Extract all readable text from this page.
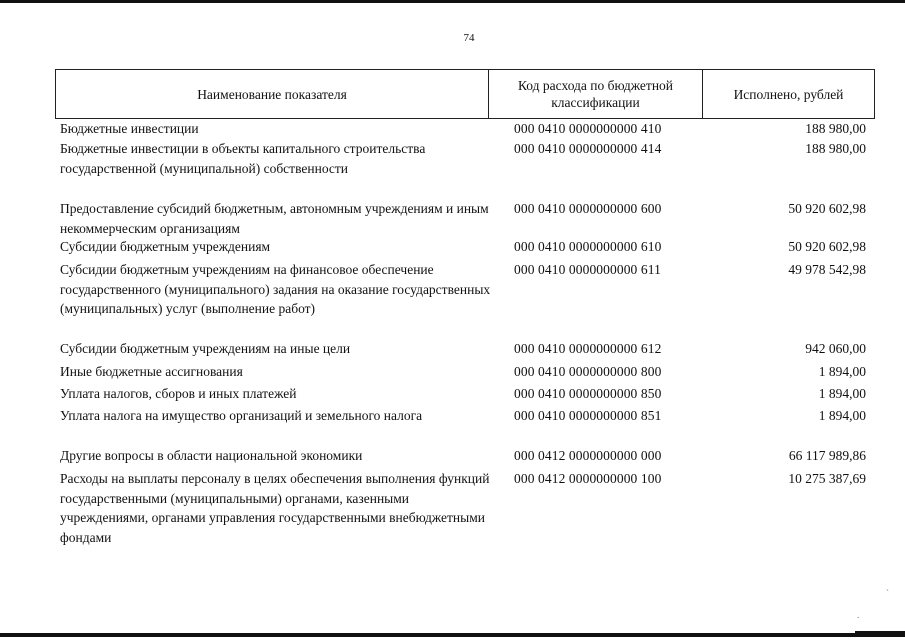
74
Наименование показателя
Код расхода по бюджетной классификации
Исполнено, рублей
Бюджетные инвестиции	000 0410 0000000000 410	188 980,00
Бюджетные инвестиции в объекты капитального строительства государственной (муниципальной) собственности
000 0410 0000000000 414	188 980,00
Предоставление субсидий бюджетным, автономным учреждениям и иным некоммерческим организациям
000 0410 0000000000 600	50 920 602,98
Субсидии бюджетным учреждениям	000 0410 0000000000 610	50 920 602,98
Субсидии бюджетным учреждениям на финансовое обеспечение государственного (муниципального) задания на оказание государственных (муниципальных) услуг (выполнение работ)
000 0410 0000000000 611	49 978 542,98
Субсидии бюджетным учреждениям на иные цели	000 0410 0000000000 612	942 060,00
Иные бюджетные ассигнования	000 0410 0000000000 800	1 894,00
Уплата налогов, сборов и иных платежей	000 0410 0000000000 850	1 894,00
Уплата налога на имущество организаций и земельного налога	000 0410 0000000000 851	1 894,00
Другие вопросы в области национальной экономики	000 0412 0000000000 000	66 117 989,86
Расходы на выплаты персоналу в целях обеспечения выполнения функций государственными (муниципальными) органами, казенными учреждениями, органами управления государственными внебюджетными фондами
000 0412 0000000000 100	10 275 387,69
`
.
